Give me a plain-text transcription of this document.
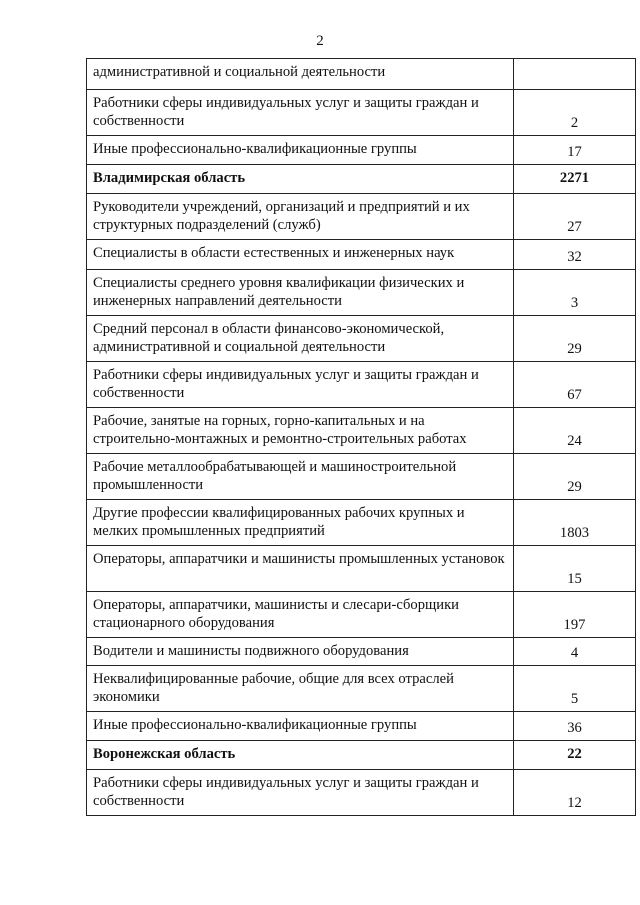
2
административной и социальной деятельности	
Работники сферы индивидуальных услуг и защиты граждан и собственности	2
Иные профессионально-квалификационные группы	17
Владимирская область	2271
Руководители учреждений, организаций и предприятий и их структурных подразделений (служб)	27
Специалисты в области естественных и инженерных наук	32
Специалисты среднего уровня квалификации физических и инженерных направлений деятельности	3
Средний персонал в области финансово-экономической, административной и социальной деятельности	29
Работники сферы индивидуальных услуг и защиты граждан и собственности	67
Рабочие, занятые на горных, горно-капитальных и на строительно-монтажных и ремонтно-строительных работах	24
Рабочие металлообрабатывающей и машиностроительной промышленности	29
Другие профессии квалифицированных рабочих крупных и мелких промышленных предприятий	1803
Операторы, аппаратчики и машинисты промышленных установок	15
Операторы, аппаратчики, машинисты и слесари-сборщики стационарного оборудования	197
Водители и машинисты подвижного оборудования	4
Неквалифицированные рабочие, общие для всех отраслей экономики	5
Иные профессионально-квалификационные группы	36
Воронежская область	22
Работники сферы индивидуальных услуг и защиты граждан и собственности	12
